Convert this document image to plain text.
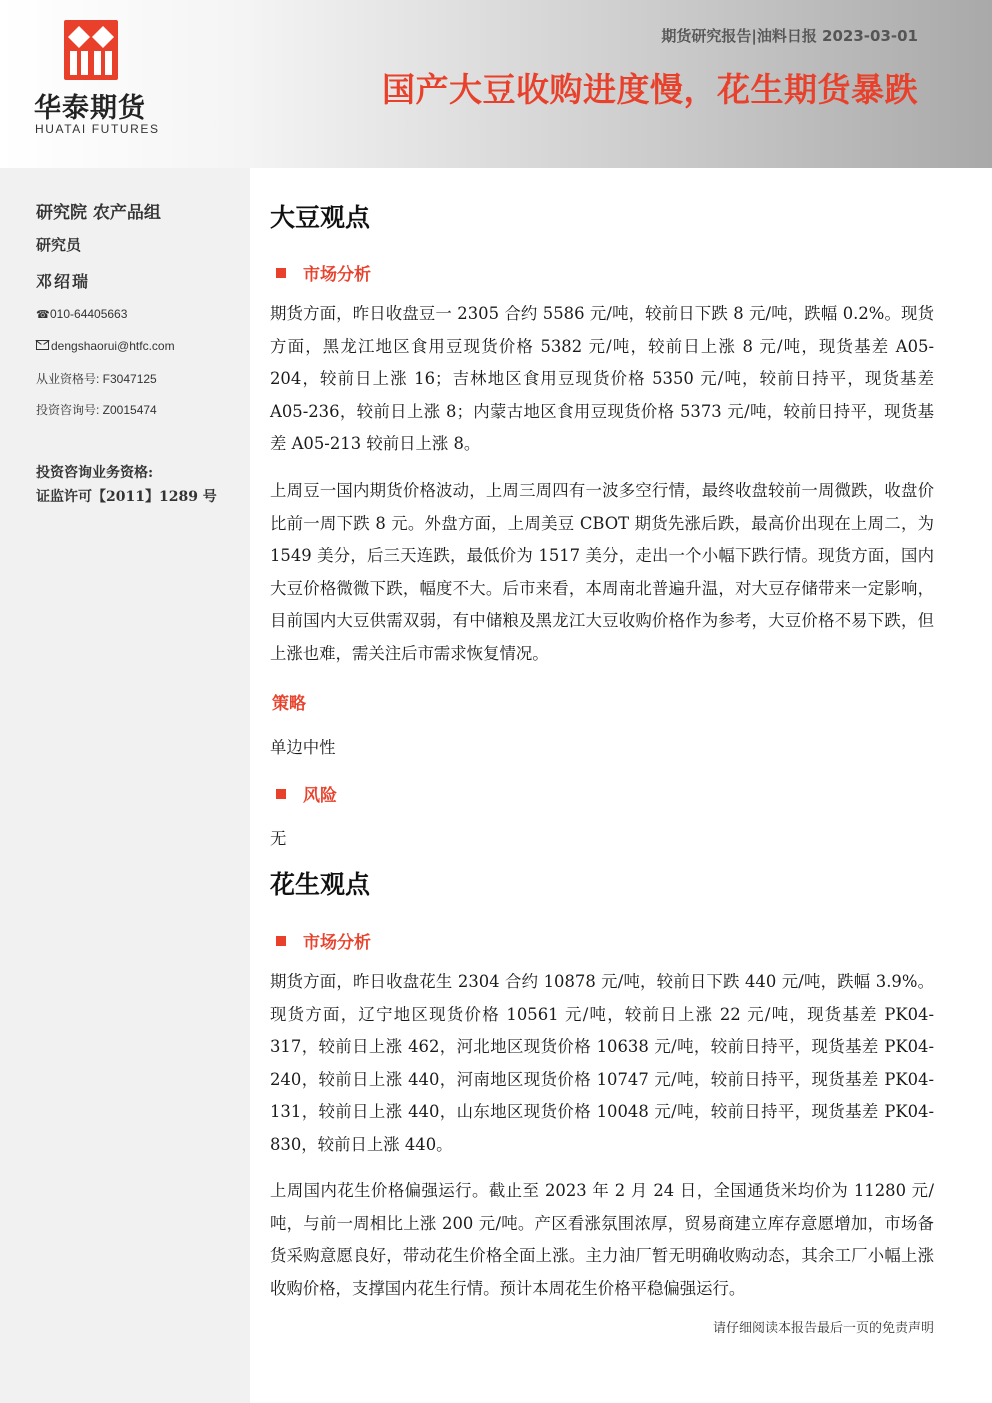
华泰期货
HUATAI FUTURES
期货研究报告|油料日报 2023-03-01
国产大豆收购进度慢，花生期货暴跌
研究院 农产品组
研究员
邓绍瑞
☎010-64405663
dengshaorui@htfc.com
从业资格号: F3047125
投资咨询号: Z0015474
投资咨询业务资格:
证监许可【2011】1289 号
大豆观点
市场分析

期货方面，昨日收盘豆一 2305 合约 5586 元/吨，较前日下跌 8 元/吨，跌幅 0.2%。现货方面，黑龙江地区食用豆现货价格 5382 元/吨，较前日上涨 8 元/吨，现货基差 A05-204，较前日上涨 16；吉林地区食用豆现货价格 5350 元/吨，较前日持平，现货基差 A05-236，较前日上涨 8；内蒙古地区食用豆现货价格 5373 元/吨，较前日持平，现货基差 A05-213 较前日上涨 8。

上周豆一国内期货价格波动，上周三周四有一波多空行情，最终收盘较前一周微跌，收盘价比前一周下跌 8 元。外盘方面，上周美豆 CBOT 期货先涨后跌，最高价出现在上周二，为 1549 美分，后三天连跌，最低价为 1517 美分，走出一个小幅下跌行情。现货方面，国内大豆价格微微下跌，幅度不大。后市来看，本周南北普遍升温，对大豆存储带来一定影响，目前国内大豆供需双弱，有中储粮及黑龙江大豆收购价格作为参考，大豆价格不易下跌，但上涨也难，需关注后市需求恢复情况。

策略
单边中性
风险
无
花生观点
市场分析

期货方面，昨日收盘花生 2304 合约 10878 元/吨，较前日下跌 440 元/吨，跌幅 3.9%。现货方面，辽宁地区现货价格 10561 元/吨，较前日上涨 22 元/吨，现货基差 PK04-317，较前日上涨 462，河北地区现货价格 10638 元/吨，较前日持平，现货基差 PK04-240，较前日上涨 440，河南地区现货价格 10747 元/吨，较前日持平，现货基差 PK04-131，较前日上涨 440，山东地区现货价格 10048 元/吨，较前日持平，现货基差 PK04-830，较前日上涨 440。

上周国内花生价格偏强运行。截止至 2023 年 2 月 24 日，全国通货米均价为 11280 元/吨，与前一周相比上涨 200 元/吨。产区看涨氛围浓厚，贸易商建立库存意愿增加，市场备货采购意愿良好，带动花生价格全面上涨。主力油厂暂无明确收购动态，其余工厂小幅上涨收购价格，支撑国内花生行情。预计本周花生价格平稳偏强运行。

请仔细阅读本报告最后一页的免责声明
